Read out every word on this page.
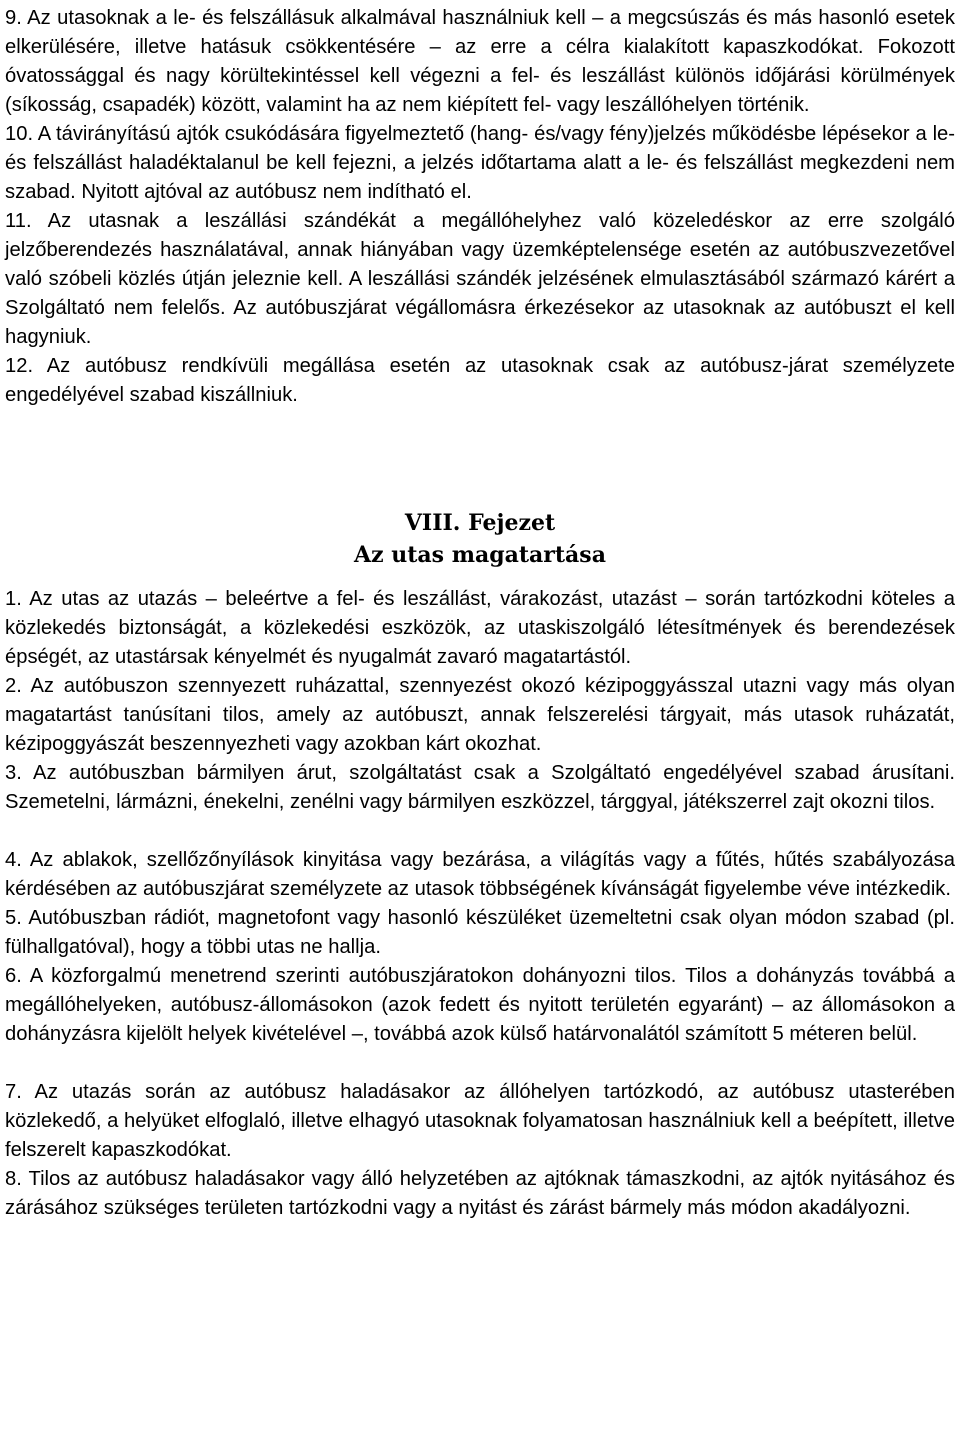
9. Az utasoknak a le- és felszállásuk alkalmával használniuk kell – a megcsúszás és más hasonló esetek elkerülésére, illetve hatásuk csökkentésére – az erre a célra kialakított kapaszkodókat. Fokozott óvatossággal és nagy körültekintéssel kell végezni a fel- és leszállást különös időjárási körülmények (síkosság, csapadék) között, valamint ha az nem kiépített fel- vagy leszállóhelyen történik.

10. A távirányítású ajtók csukódására figyelmeztető (hang- és/vagy fény)jelzés működésbe lépésekor a le- és felszállást haladéktalanul be kell fejezni, a jelzés időtartama alatt a le- és felszállást megkezdeni nem szabad. Nyitott ajtóval az autóbusz nem indítható el.

11. Az utasnak a leszállási szándékát a megállóhelyhez való közeledéskor az erre szolgáló jelzőberendezés használatával, annak hiányában vagy üzemképtelensége esetén az autóbuszvezetővel való szóbeli közlés útján jeleznie kell. A leszállási szándék jelzésének elmulasztásából származó kárért a Szolgáltató nem felelős. Az autóbuszjárat végállomásra érkezésekor az utasoknak az autóbuszt el kell hagyniuk.

12. Az autóbusz rendkívüli megállása esetén az utasoknak csak az autóbusz-járat személyzete engedélyével szabad kiszállniuk.

VIII. Fejezet

Az utas magatartása

1. Az utas az utazás – beleértve a fel- és leszállást, várakozást, utazást – során tartózkodni köteles a közlekedés biztonságát, a közlekedési eszközök, az utaskiszolgáló létesítmények és berendezések épségét, az utastársak kényelmét és nyugalmát zavaró magatartástól.

2. Az autóbuszon szennyezett ruházattal, szennyezést okozó kézipoggyásszal utazni vagy más olyan magatartást tanúsítani tilos, amely az autóbuszt, annak felszerelési tárgyait, más utasok ruházatát, kézipoggyászát beszennyezheti vagy azokban kárt okozhat.

3. Az autóbuszban bármilyen árut, szolgáltatást csak a Szolgáltató engedélyével szabad árusítani. Szemetelni, lármázni, énekelni, zenélni vagy bármilyen eszközzel, tárggyal, játékszerrel zajt okozni tilos.

4. Az ablakok, szellőzőnyílások kinyitása vagy bezárása, a világítás vagy a fűtés, hűtés szabályozása kérdésében az autóbuszjárat személyzete az utasok többségének kívánságát figyelembe véve intézkedik.

5. Autóbuszban rádiót, magnetofont vagy hasonló készüléket üzemeltetni csak olyan módon szabad (pl. fülhallgatóval), hogy a többi utas ne hallja.

6. A közforgalmú menetrend szerinti autóbuszjáratokon dohányozni tilos. Tilos a dohányzás továbbá a megállóhelyeken, autóbusz-állomásokon (azok fedett és nyitott területén egyaránt) – az állomásokon a dohányzásra kijelölt helyek kivételével –, továbbá azok külső határvonalától számított 5 méteren belül.

7. Az utazás során az autóbusz haladásakor az állóhelyen tartózkodó, az autóbusz utasterében közlekedő, a helyüket elfoglaló, illetve elhagyó utasoknak folyamatosan használniuk kell a beépített, illetve felszerelt kapaszkodókat.

8. Tilos az autóbusz haladásakor vagy álló helyzetében az ajtóknak támaszkodni, az ajtók nyitásához és zárásához szükséges területen tartózkodni vagy a nyitást és zárást bármely más módon akadályozni.
